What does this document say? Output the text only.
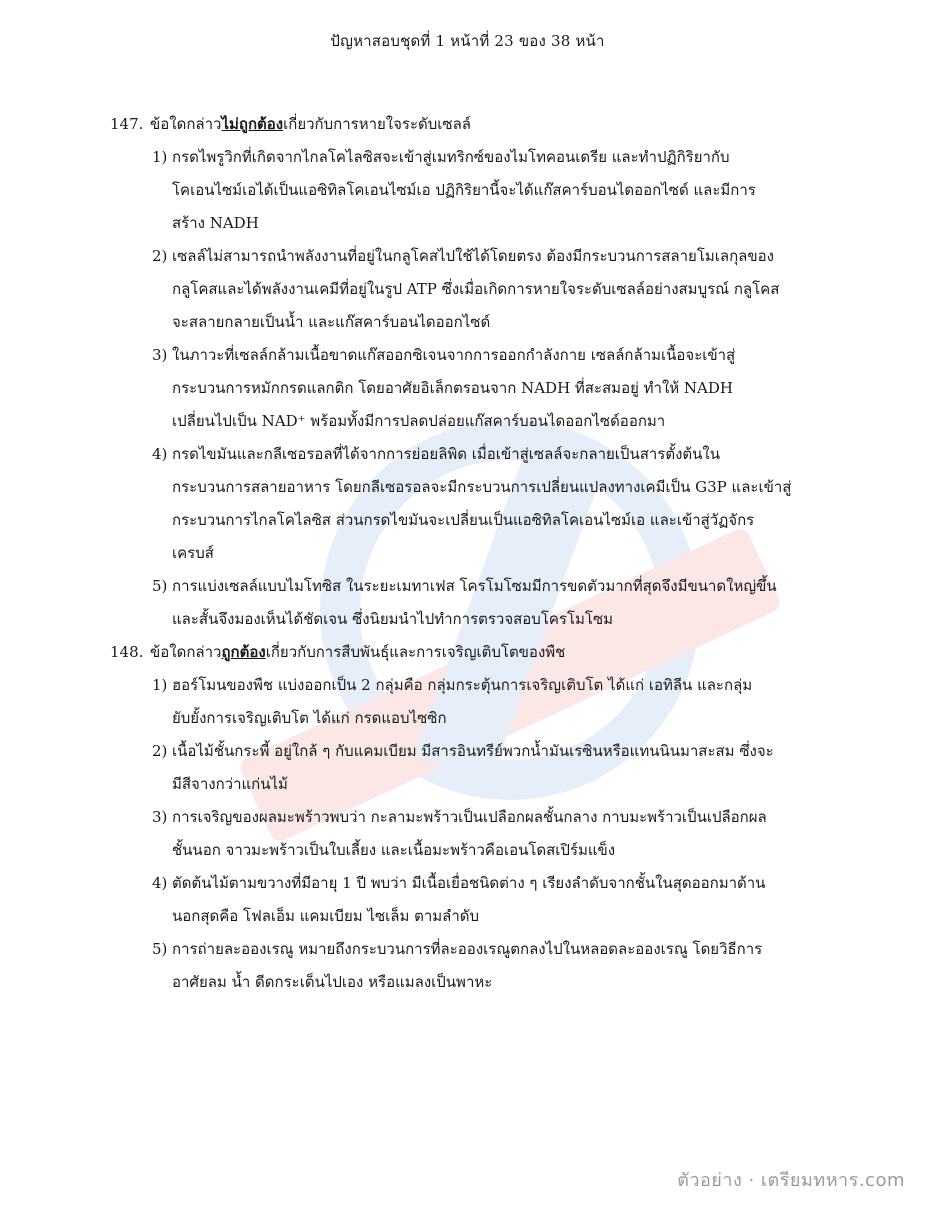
ปัญหาสอบชุดที่ 1 หน้าที่ 23 ของ 38 หน้า
147. ข้อใดกล่าวไม่ถูกต้องเกี่ยวกับการหายใจระดับเซลล์
1) กรดไพรูวิกที่เกิดจากไกลโคไลซิสจะเข้าสู่เมทริกซ์ของไมโทคอนเดรีย และทำปฏิกิริยากับ
โคเอนไซม์เอได้เป็นแอซิทิลโคเอนไซม์เอ ปฏิกิริยานี้จะได้แก๊สคาร์บอนไดออกไซด์ และมีการ
สร้าง NADH
2) เซลล์ไม่สามารถนำพลังงานที่อยู่ในกลูโคสไปใช้ได้โดยตรง ต้องมีกระบวนการสลายโมเลกุลของ
กลูโคสและได้พลังงานเคมีที่อยู่ในรูป ATP ซึ่งเมื่อเกิดการหายใจระดับเซลล์อย่างสมบูรณ์ กลูโคส
จะสลายกลายเป็นน้ำ และแก๊สคาร์บอนไดออกไซด์
3) ในภาวะที่เซลล์กล้ามเนื้อขาดแก๊สออกซิเจนจากการออกกำลังกาย เซลล์กล้ามเนื้อจะเข้าสู่
กระบวนการหมักกรดแลกติก โดยอาศัยอิเล็กตรอนจาก NADH ที่สะสมอยู่ ทำให้ NADH
เปลี่ยนไปเป็น NAD⁺ พร้อมทั้งมีการปลดปล่อยแก๊สคาร์บอนไดออกไซด์ออกมา
4) กรดไขมันและกลีเซอรอลที่ได้จากการย่อยลิพิด เมื่อเข้าสู่เซลล์จะกลายเป็นสารตั้งต้นใน
กระบวนการสลายอาหาร โดยกลีเซอรอลจะมีกระบวนการเปลี่ยนแปลงทางเคมีเป็น G3P และเข้าสู่
กระบวนการไกลโคไลซิส ส่วนกรดไขมันจะเปลี่ยนเป็นแอซิทิลโคเอนไซม์เอ และเข้าสู่วัฏจักร
เครบส์
5) การแบ่งเซลล์แบบไมโทซิส ในระยะเมทาเฟส โครโมโซมมีการขดตัวมากที่สุดจึงมีขนาดใหญ่ขึ้น
และสั้นจึงมองเห็นได้ชัดเจน ซึ่งนิยมนำไปทำการตรวจสอบโครโมโซม
148. ข้อใดกล่าวถูกต้องเกี่ยวกับการสืบพันธุ์และการเจริญเติบโตของพืช
1) ฮอร์โมนของพืช แบ่งออกเป็น 2 กลุ่มคือ กลุ่มกระตุ้นการเจริญเติบโต ได้แก่ เอทิลีน และกลุ่ม
ยับยั้งการเจริญเติบโต ได้แก่ กรดแอบไซซิก
2) เนื้อไม้ชั้นกระพี้ อยู่ใกล้ ๆ กับแคมเบียม มีสารอินทรีย์พวกน้ำมันเรซินหรือแทนนินมาสะสม ซึ่งจะ
มีสีจางกว่าแก่นไม้
3) การเจริญของผลมะพร้าวพบว่า กะลามะพร้าวเป็นเปลือกผลชั้นกลาง กาบมะพร้าวเป็นเปลือกผล
ชั้นนอก จาวมะพร้าวเป็นใบเลี้ยง และเนื้อมะพร้าวคือเอนโดสเปิร์มแข็ง
4) ตัดต้นไม้ตามขวางที่มีอายุ 1 ปี พบว่า มีเนื้อเยื่อชนิดต่าง ๆ เรียงลำดับจากชั้นในสุดออกมาด้าน
นอกสุดคือ โฟลเอ็ม แคมเบียม ไซเล็ม ตามลำดับ
5) การถ่ายละอองเรณู หมายถึงกระบวนการที่ละอองเรณูตกลงไปในหลอดละอองเรณู โดยวิธีการ
อาศัยลม น้ำ ดีดกระเด็นไปเอง หรือแมลงเป็นพาหะ
ตัวอย่าง · เตรียมทหาร.com
